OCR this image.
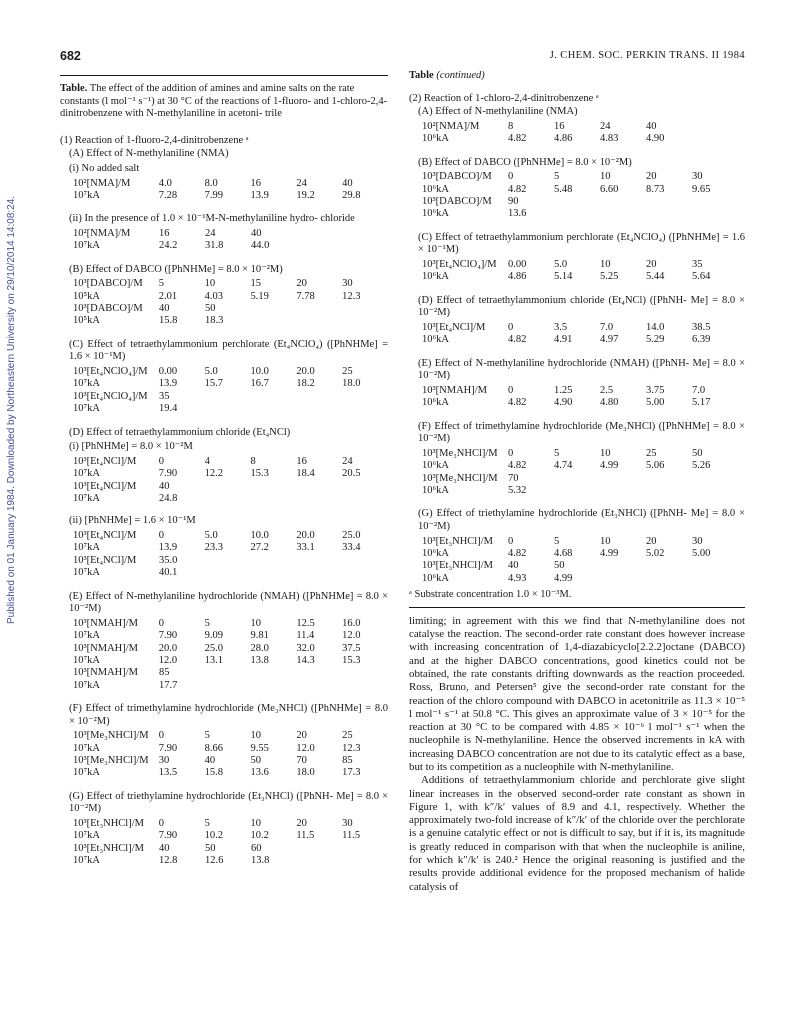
Published on 01 January 1984. Downloaded by Northeastern University on 29/10/2014 14:08:24.
682	J. CHEM. SOC. PERKIN TRANS. II 1984

Table. The effect of the addition of amines and amine salts on the rate constants (l mol⁻¹ s⁻¹) at 30 °C of the reactions of 1-fluoro- and 1-chloro-2,4-dinitrobenzene with N-methylaniline in acetoni- trile

(1) Reaction of 1-fluoro-2,4-dinitrobenzene ᵃ
(A) Effect of N-methylaniline (NMA)
(i) No added salt
10²[NMA]/M	4.0	8.0	16	24	40
10⁷kA	7.28	7.99	13.9	19.2	29.8
(ii) In the presence of 1.0 × 10⁻¹M-N-methylaniline hydro- chloride
10²[NMA]/M	16	24	40
10⁷kA	24.2	31.8	44.0
(B) Effect of DABCO ([PhNHMe] = 8.0 × 10⁻²M)
10³[DABCO]/M	5	10	15	20	30
10⁵kA	2.01	4.03	5.19	7.78	12.3
10³[DABCO]/M	40	50
10⁵kA	15.8	18.3
(C) Effect of tetraethylammonium perchlorate (Et₄NClO₄) ([PhNHMe] = 1.6 × 10⁻¹M)
10³[Et₄NClO₄]/M	0.00	5.0	10.0	20.0	25
10⁷kA	13.9	15.7	16.7	18.2	18.0
10³[Et₄NClO₄]/M	35
10⁷kA	19.4
(D) Effect of tetraethylammonium chloride (Et₄NCl)
(i) [PhNHMe] = 8.0 × 10⁻²M
10³[Et₄NCl]/M	0	4	8	16	24
10⁷kA	7.90	12.2	15.3	18.4	20.5
10³[Et₄NCl]/M	40
10⁷kA	24.8
(ii) [PhNHMe] = 1.6 × 10⁻¹M
10³[Et₄NCl]/M	0	5.0	10.0	20.0	25.0
10⁷kA	13.9	23.3	27.2	33.1	33.4
10³[Et₄NCl]/M	35.0
10⁷kA	40.1
(E) Effect of N-methylaniline hydrochloride (NMAH) ([PhNHMe] = 8.0 × 10⁻²M)
10³[NMAH]/M	0	5	10	12.5	16.0
10⁷kA	7.90	9.09	9.81	11.4	12.0
10³[NMAH]/M	20.0	25.0	28.0	32.0	37.5
10⁷kA	12.0	13.1	13.8	14.3	15.3
10³[NMAH]/M	85
10⁷kA	17.7
(F) Effect of trimethylamine hydrochloride (Me₃NHCl) ([PhNHMe] = 8.0 × 10⁻²M)
10³[Me₃NHCl]/M 0	5	10	20	25
10⁷kA	7.90	8.66	9.55	12.0	12.3
10³[Me₃NHCl]/M 30	40	50	70	85
10⁷kA	13.5	15.8	13.6	18.0	17.3
(G) Effect of triethylamine hydrochloride (Et₃NHCl) ([PhNH- Me] = 8.0 × 10⁻²M)
10³[Et₃NHCl]/M	0	5	10	20	30
10⁷kA	7.90	10.2	10.2	11.5	11.5
10³[Et₃NHCl]/M	40	50	60
10⁷kA	12.8	12.6	13.8

Table (continued)

(2) Reaction of 1-chloro-2,4-dinitrobenzene ᵃ
(A) Effect of N-methylaniline (NMA)
10²[NMA]/M	8	16	24	40
10⁶kA	4.82	4.86	4.83	4.90
(B) Effect of DABCO ([PhNHMe] = 8.0 × 10⁻²M)
10³[DABCO]/M	0	5	10	20	30
10⁶kA	4.82	5.48	6.60	8.73	9.65
10³[DABCO]/M	90
10⁶kA	13.6
(C) Effect of tetraethylammonium perchlorate (Et₄NClO₄) ([PhNHMe] = 1.6 × 10⁻¹M)
10³[Et₄NClO₄]/M	0.00	5.0	10	20	35
10⁶kA	4.86	5.14	5.25	5.44	5.64
(D) Effect of tetraethylammonium chloride (Et₄NCl) ([PhNH- Me] = 8.0 × 10⁻²M)
10³[Et₄NCl]/M	0	3.5	7.0	14.0	38.5
10⁶kA	4.82	4.91	4.97	5.29	6.39
(E) Effect of N-methylaniline hydrochloride (NMAH) ([PhNH- Me] = 8.0 × 10⁻²M)
10³[NMAH]/M	0	1.25	2.5	3.75	7.0
10⁶kA	4.82	4.90	4.80	5.00	5.17
(F) Effect of trimethylamine hydrochloride (Me₃NHCl) ([PhNHMe] = 8.0 × 10⁻²M)
10³[Me₃NHCl]/M 0	5	10	25	50
10⁶kA	4.82	4.74	4.99	5.06	5.26
10³[Me₃NHCl]/M 70
10⁶kA	5.32
(G) Effect of triethylamine hydrochloride (Et₃NHCl) ([PhNH- Me] = 8.0 × 10⁻²M)
10³[Et₃NHCl]/M	0	5	10	20	30
10⁶kA	4.82	4.68	4.99	5.02	5.00
10³[Et₃NHCl]/M	40	50
10⁶kA	4.93	4.99
ᵃ Substrate concentration 1.0 × 10⁻³M.

limiting; in agreement with this we find that N-methylaniline does not catalyse the reaction. The second-order rate constant does however increase with increasing concentration of 1,4-diazabicyclo[2.2.2]octane (DABCO) and at the higher DABCO concentrations, good kinetics could not be obtained, the rate constants drifting downwards as the reaction proceeded. Ross, Bruno, and Petersen⁵ give the second-order rate constant for the reaction of the chloro compound with DABCO in acetonitrile as 11.3 × 10⁻⁵ l mol⁻¹ s⁻¹ at 50.8 °C. This gives an approximate value of 3 × 10⁻⁵ for the reaction at 30 °C to be compared with 4.85 × 10⁻⁶ l mol⁻¹ s⁻¹ when the nucleophile is N-methylaniline. Hence the observed increments in kA with increasing DABCO concentration are not due to its catalytic effect as a base, but to its competition as a nucleophile with N-methylaniline.

Additions of tetraethylammonium chloride and perchlorate give slight linear increases in the observed second-order rate constant as shown in Figure 1, with k″/k′ values of 8.9 and 4.1, respectively. Whether the approximately two-fold increase of k″/k′ of the chloride over the perchlorate is a genuine catalytic effect or not is difficult to say, but if it is, its magnitude is greatly reduced in comparison with that when the nucleophile is aniline, for which k″/k′ is 240.² Hence the original reasoning is justified and the results provide additional evidence for the proposed mechanism of halide catalysis of
